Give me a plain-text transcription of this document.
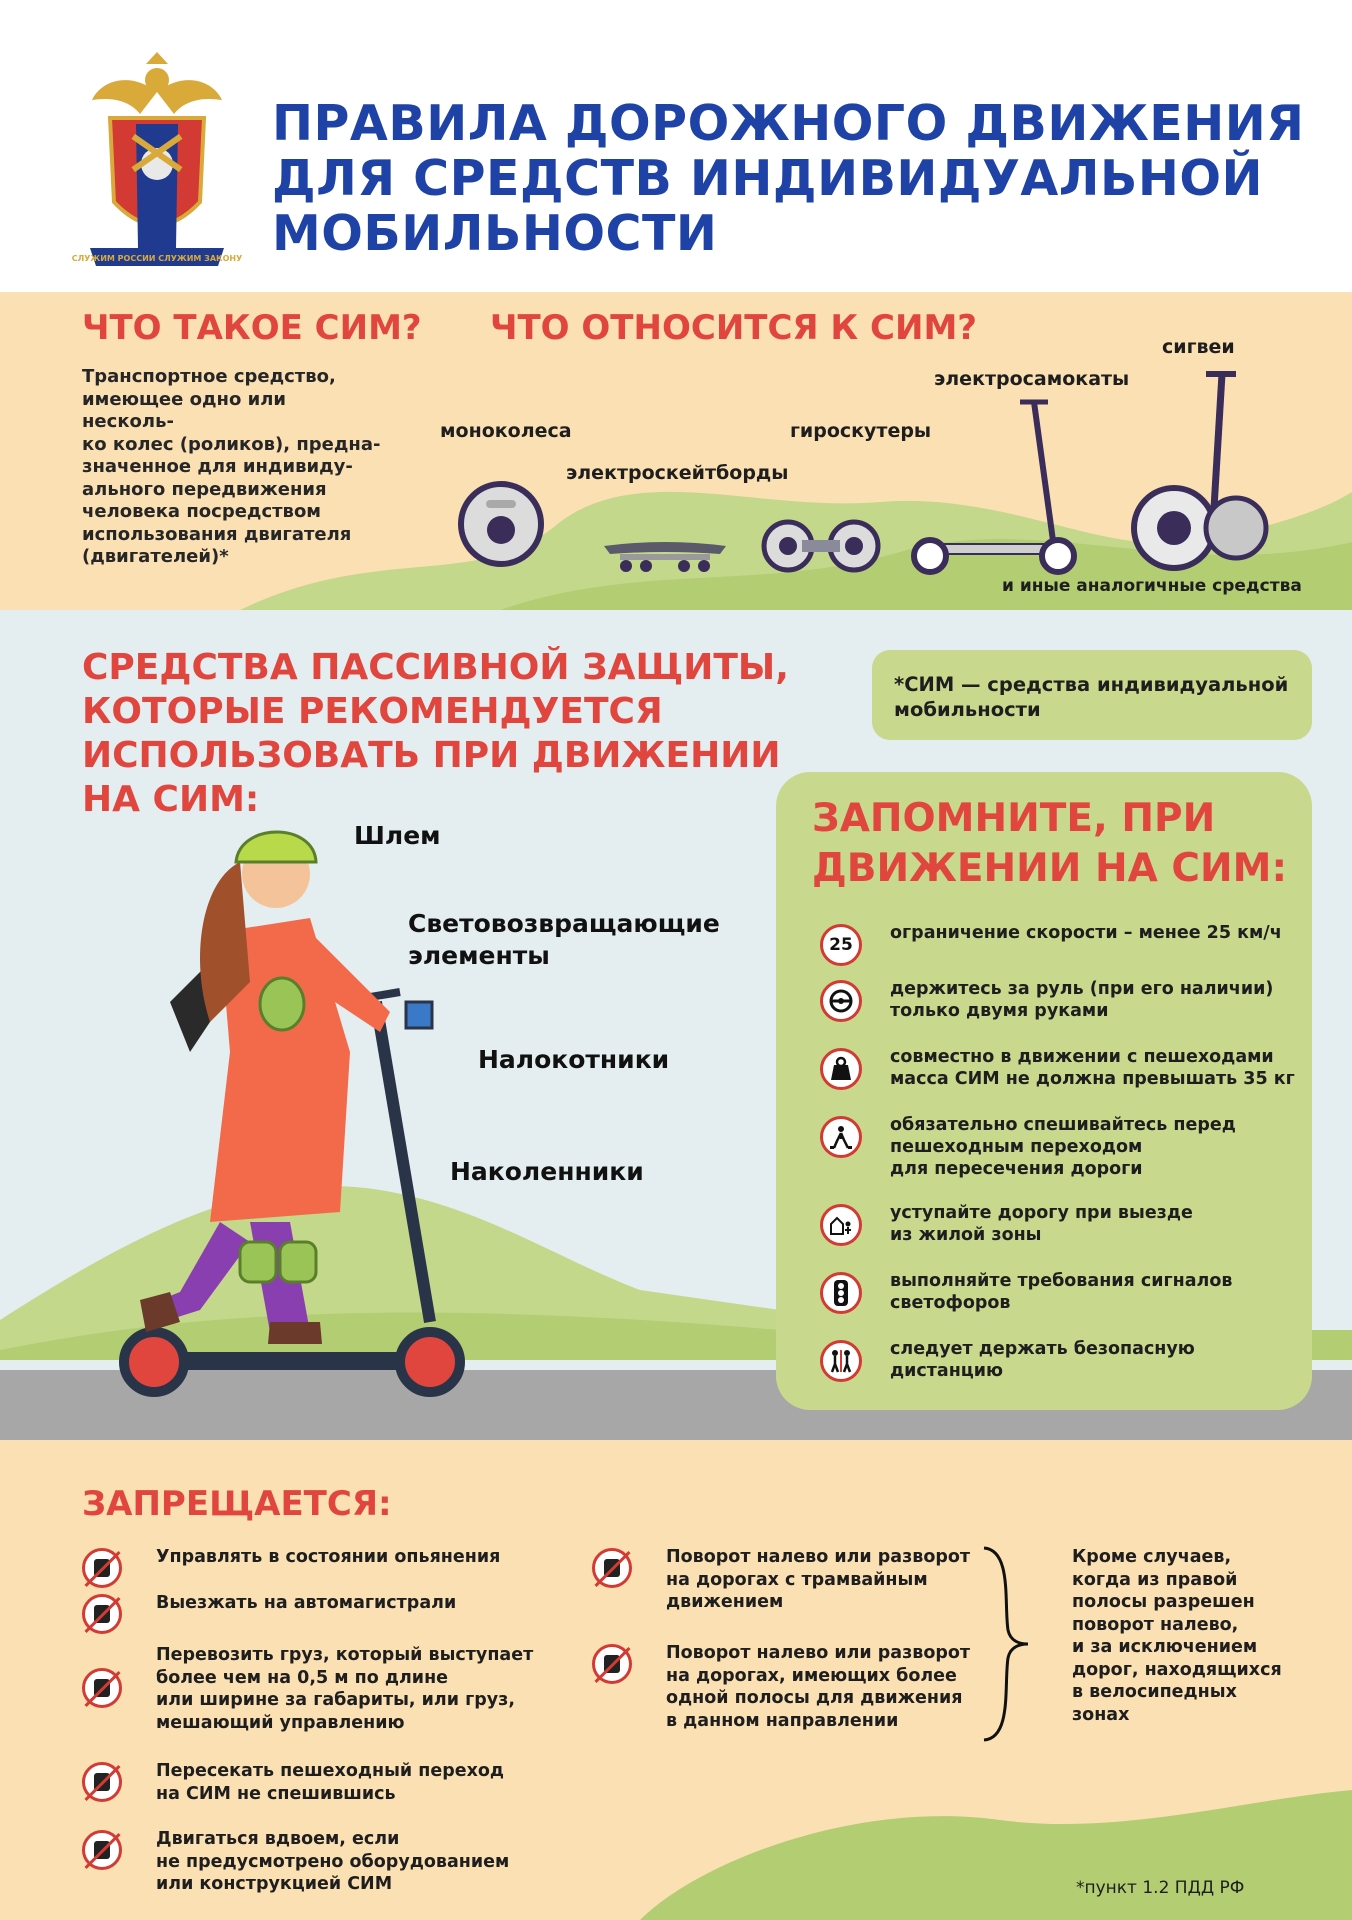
СЛУЖИМ РОССИИ СЛУЖИМ ЗАКОНУ
ПРАВИЛА ДОРОЖНОГО ДВИЖЕНИЯ
ДЛЯ СРЕДСТВ ИНДИВИДУАЛЬНОЙ
МОБИЛЬНОСТИ
ЧТО ТАКОЕ СИМ? ЧТО ОТНОСИТСЯ К СИМ?
Транспортное средство,
имеющее одно или несколь-
ко колес (роликов), предна-
значенное для индивиду-
ального передвижения
человека посредством
использования двигателя
(двигателей)*
моноколеса
электроскейтборды
гироскутеры
электросамокаты
сигвеи
и иные аналогичные средства
СРЕДСТВА ПАССИВНОЙ ЗАЩИТЫ,
КОТОРЫЕ РЕКОМЕНДУЕТСЯ
ИСПОЛЬЗОВАТЬ ПРИ ДВИЖЕНИИ
НА СИМ:
Шлем
Световозвращающие
элементы
Налокотники
Наколенники
*СИМ — средства индивидуальной
мобильности
ЗАПОМНИТЕ, ПРИ
ДВИЖЕНИИ НА СИМ:
25
ограничение скорости – менее 25 км/ч
держитесь за руль (при его наличии)
только двумя руками
совместно в движении с пешеходами
масса СИМ не должна превышать 35 кг
обязательно спешивайтесь перед
пешеходным переходом
для пересечения дороги
уступайте дорогу при выезде
из жилой зоны
выполняйте требования сигналов
светофоров
следует держать безопасную
дистанцию
ЗАПРЕЩАЕТСЯ:
Управлять в состоянии опьянения
Выезжать на автомагистрали
Перевозить груз, который выступает
более чем на 0,5 м по длине
или ширине за габариты, или груз,
мешающий управлению
Пересекать пешеходный переход
на СИМ не спешившись
Двигаться вдвоем, если
не предусмотрено оборудованием
или конструкцией СИМ
Поворот налево или разворот
на дорогах с трамвайным
движением
Поворот налево или разворот
на дорогах, имеющих более
одной полосы для движения
в данном направлении
Кроме случаев,
когда из правой
полосы разрешен
поворот налево,
и за исключением
дорог, находящихся
в велосипедных
зонах
*пункт 1.2 ПДД РФ
